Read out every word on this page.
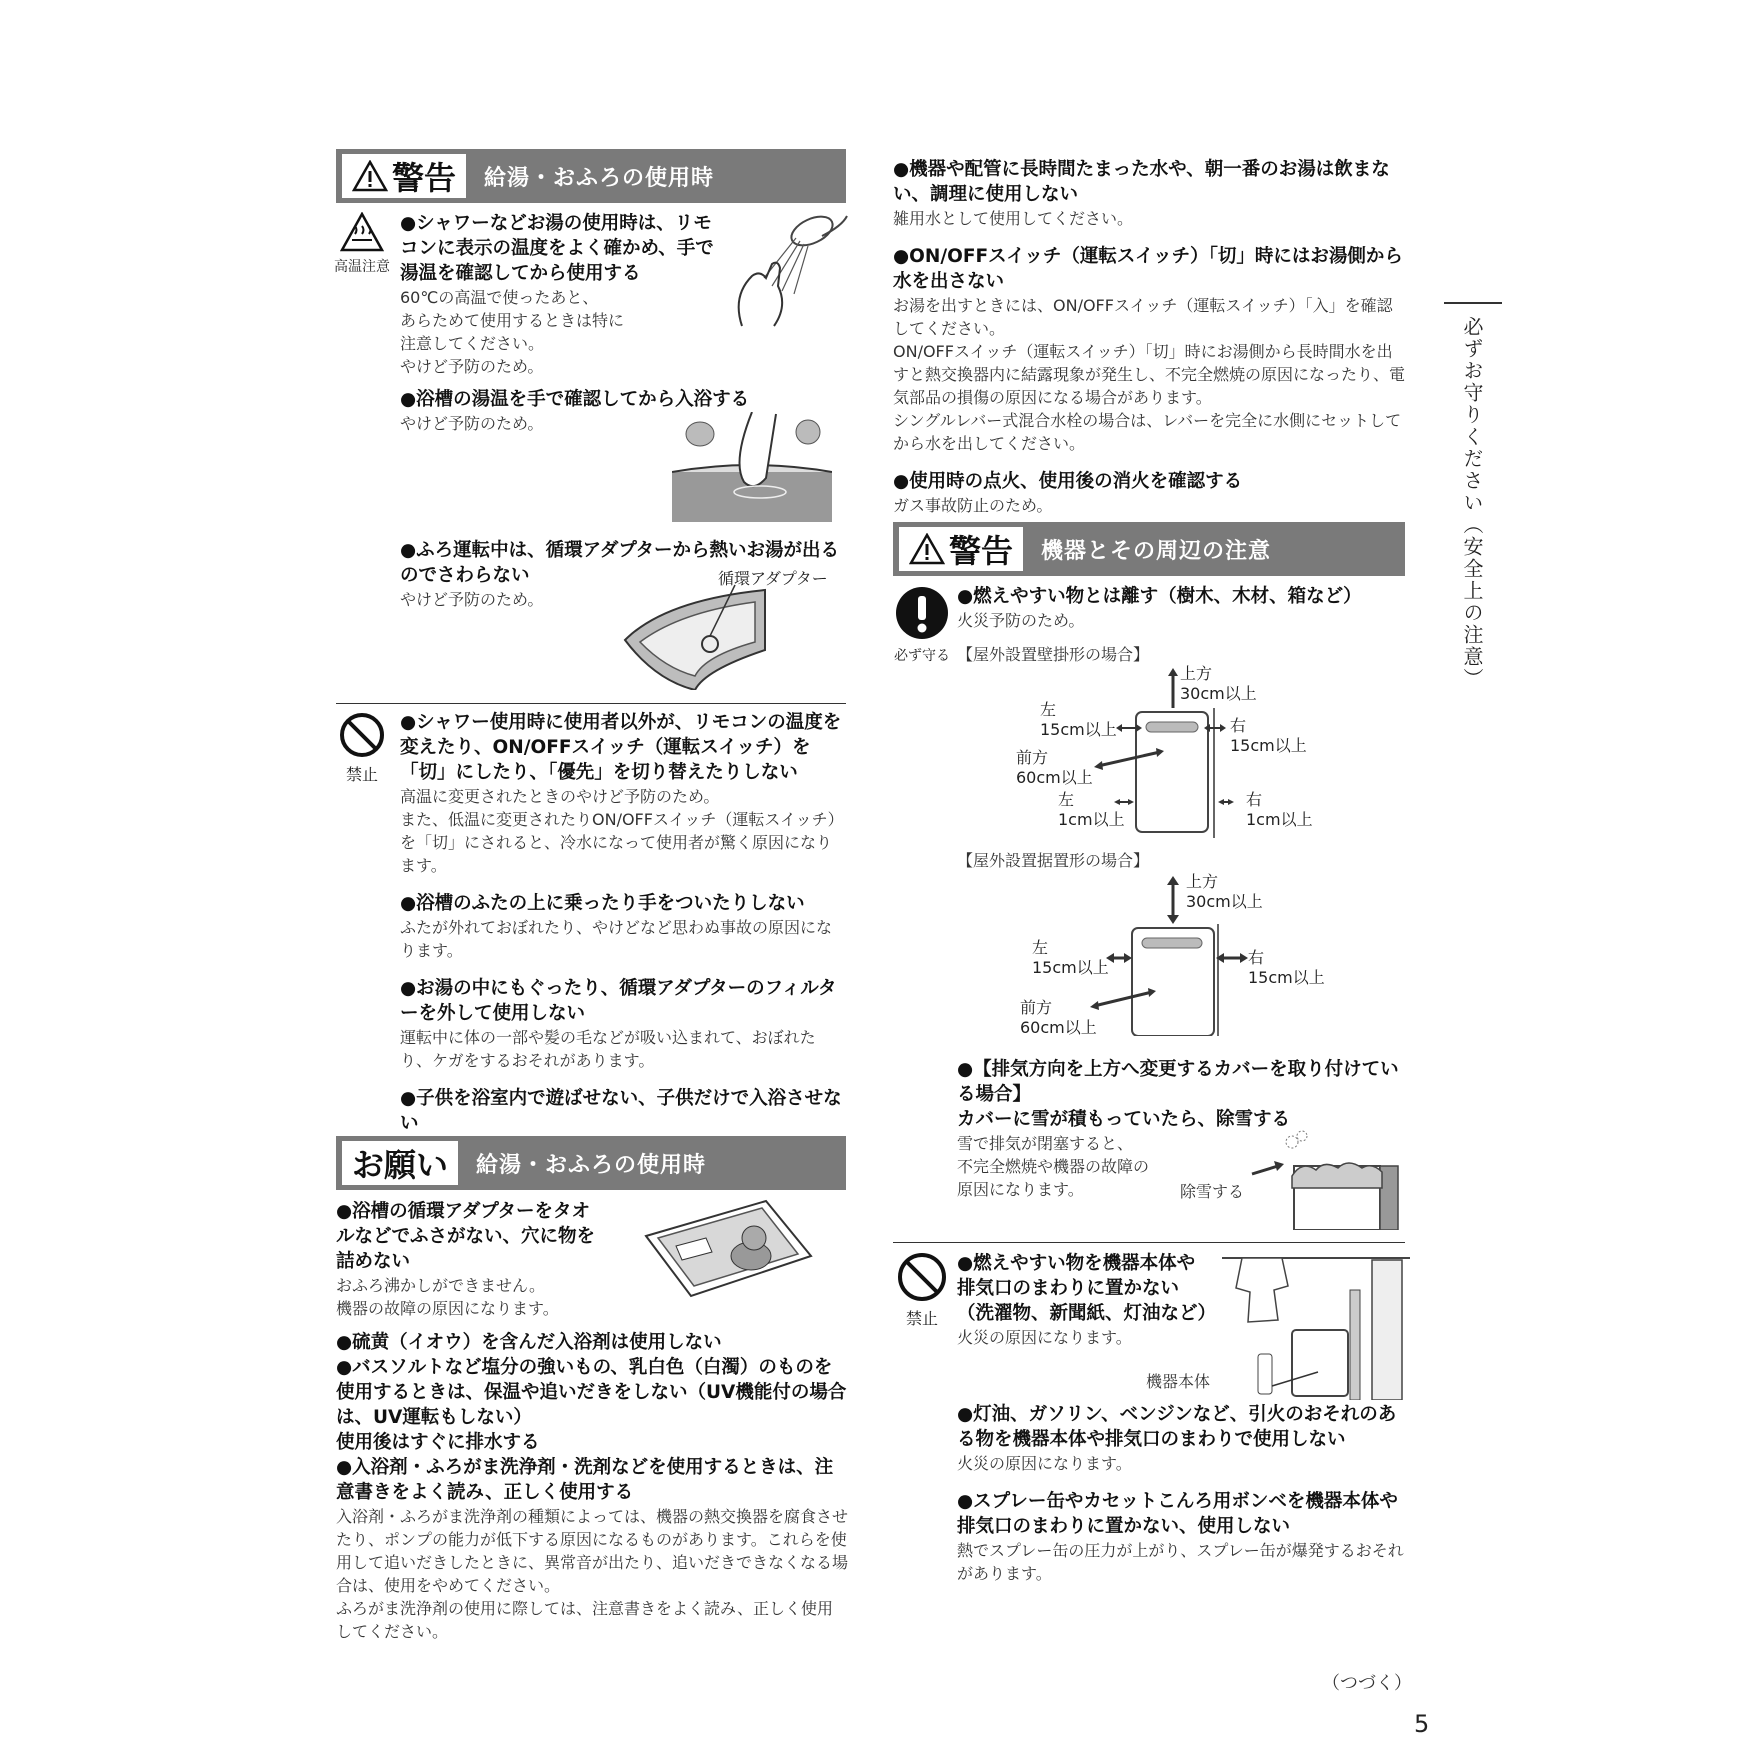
警告 給湯・おふろの使用時
高温注意

●シャワーなどお湯の使用時は、リモコンに表示の温度をよく確かめ、手で湯温を確認してから使用する

60℃の高温で使ったあと、

あらためて使用するときは特に

注意してください。

やけど予防のため。

●浴槽の湯温を手で確認してから入浴する

やけど予防のため。

●ふろ運転中は、循環アダプターから熱いお湯が出るのでさわらない

やけど予防のため。

循環アダプター
禁止

●シャワー使用時に使用者以外が、リモコンの温度を変えたり、ON/OFFスイッチ（運転スイッチ）を「切」にしたり、「優先」を切り替えたりしない

高温に変更されたときのやけど予防のため。

また、低温に変更されたりON/OFFスイッチ（運転スイッチ）を「切」にされると、冷水になって使用者が驚く原因になります。

●浴槽のふたの上に乗ったり手をついたりしない

ふたが外れておぼれたり、やけどなど思わぬ事故の原因になります。

●お湯の中にもぐったり、循環アダプターのフィルターを外して使用しない

運転中に体の一部や髪の毛などが吸い込まれて、おぼれたり、ケガをするおそれがあります。

●子供を浴室内で遊ばせない、子供だけで入浴させない

お願い	給湯・おふろの使用時

●浴槽の循環アダプターをタオルなどでふさがない、穴に物を詰めない

おふろ沸かしができません。

機器の故障の原因になります。

●硫黄（イオウ）を含んだ入浴剤は使用しない

●バスソルトなど塩分の強いもの、乳白色（白濁）のものを使用するときは、保温や追いだきをしない（UV機能付の場合は、UV運転もしない）

使用後はすぐに排水する

●入浴剤・ふろがま洗浄剤・洗剤などを使用するときは、注意書きをよく読み、正しく使用する

入浴剤・ふろがま洗浄剤の種類によっては、機器の熱交換器を腐食させたり、ポンプの能力が低下する原因になるものがあります。これらを使用して追いだきしたときに、異常音が出たり、追いだきできなくなる場合は、使用をやめてください。

ふろがま洗浄剤の使用に際しては、注意書きをよく読み、正しく使用してください。

●機器や配管に長時間たまった水や、朝一番のお湯は飲まない、調理に使用しない

雑用水として使用してください。

●ON/OFFスイッチ（運転スイッチ）「切」時にはお湯側から水を出さない

お湯を出すときには、ON/OFFスイッチ（運転スイッチ）「入」を確認してください。

ON/OFFスイッチ（運転スイッチ）「切」時にお湯側から長時間水を出すと熱交換器内に結露現象が発生し、不完全燃焼の原因になったり、電気部品の損傷の原因になる場合があります。

シングルレバー式混合水栓の場合は、レバーを完全に水側にセットしてから水を出してください。

●使用時の点火、使用後の消火を確認する

ガス事故防止のため。

警告 機器とその周辺の注意
必ず守る

●燃えやすい物とは離す（樹木、木材、箱など）

火災予防のため。

【屋外設置壁掛形の場合】
上方
30cm以上
左
15cm以上	右
15cm以上
前方
60cm以上
左
1cm以上
右
1cm以上
【屋外設置据置形の場合】
上方
30cm以上
左
15cm以上
右
15cm以上
前方
60cm以上

●【排気方向を上方へ変更するカバーを取り付けている場合】

カバーに雪が積もっていたら、除雪する

雪で排気が閉塞すると、

不完全燃焼や機器の故障の

原因になります。	除雪する
禁止

●燃えやすい物を機器本体や

排気口のまわりに置かない

（洗濯物、新聞紙、灯油など）

火災の原因になります。

機器本体

●灯油、ガソリン、ベンジンなど、引火のおそれのある物を機器本体や排気口のまわりで使用しない

火災の原因になります。

●スプレー缶やカセットこんろ用ボンベを機器本体や排気口のまわりに置かない、使用しない

熱でスプレー缶の圧力が上がり、スプレー缶が爆発するおそれがあります。

必ずお守りください（安全上の注意）
（つづく）
5
